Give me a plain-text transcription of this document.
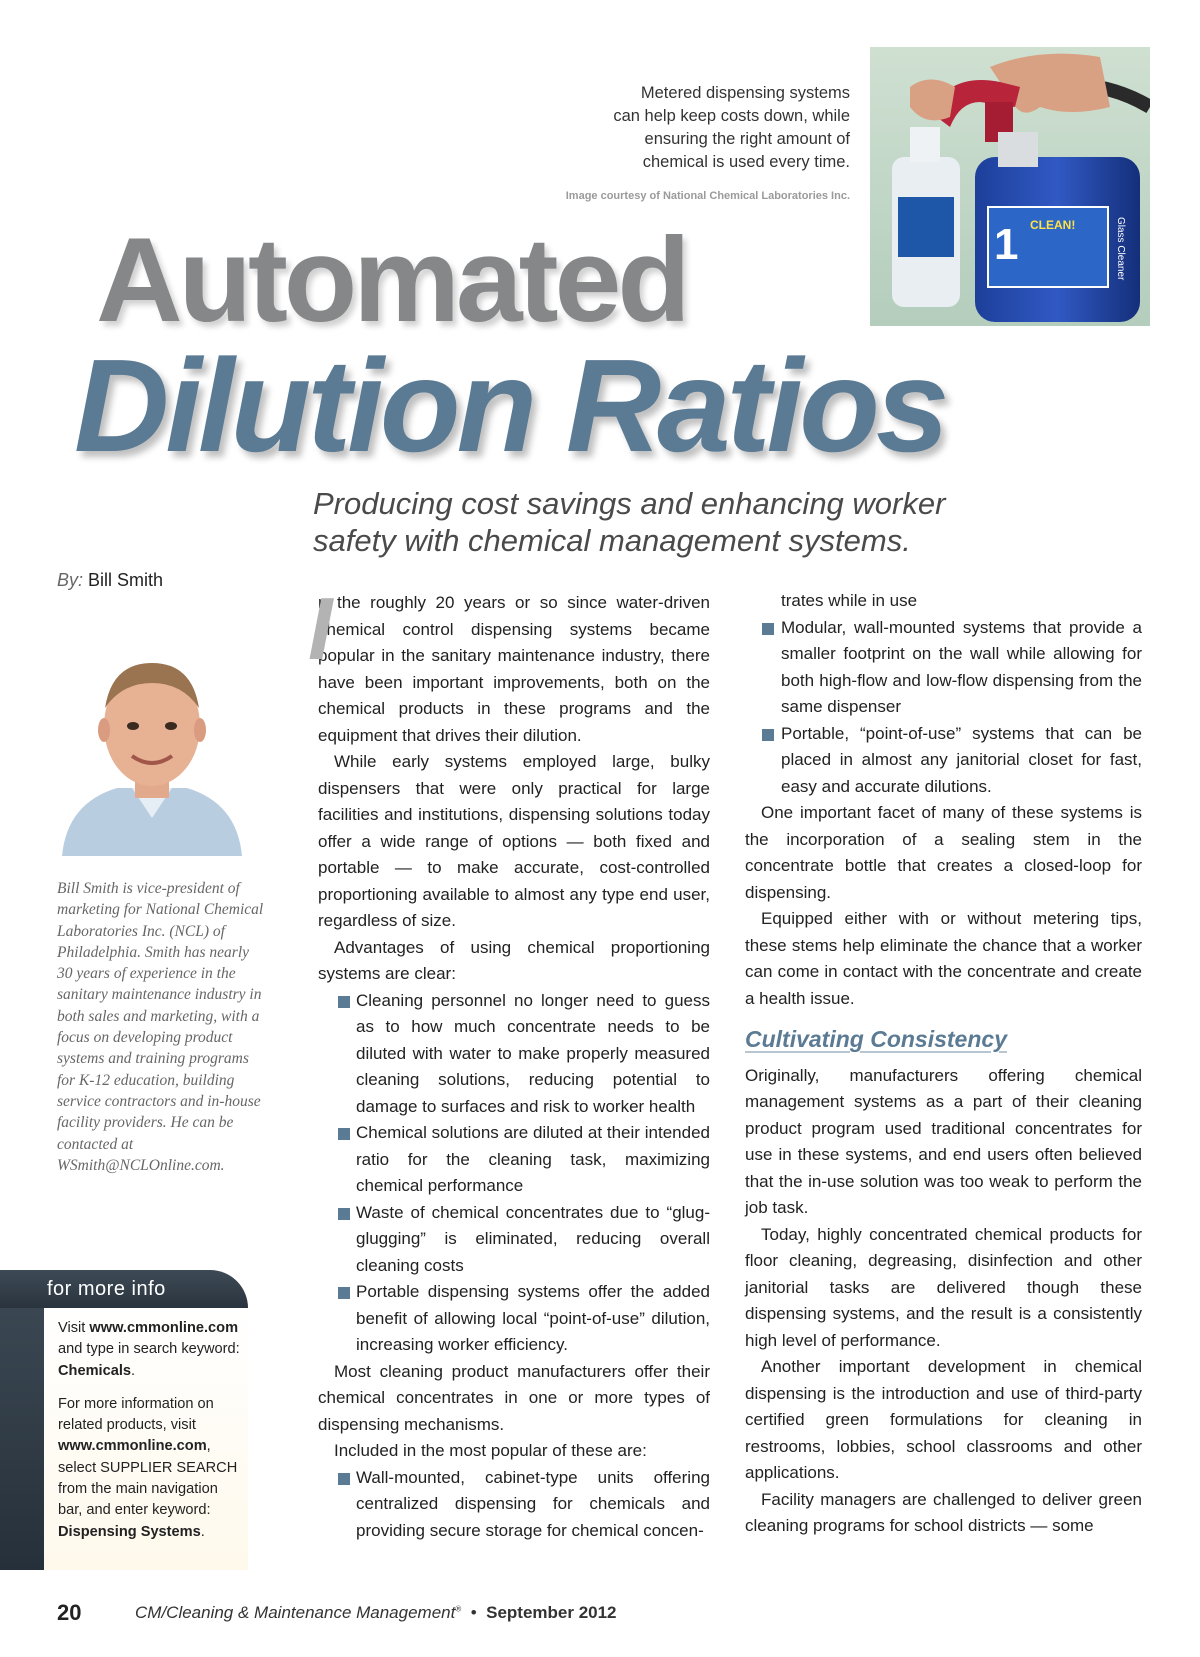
Metered dispensing systems
can help keep costs down, while
ensuring the right amount of
chemical is used every time.
Image courtesy of National Chemical Laboratories Inc.
1 CLEAN!	Glass Cleaner
Automated
Dilution Ratios
Producing cost savings and enhancing worker safety with chemical management systems.
By: Bill Smith
Bill Smith is vice-president of marketing for National Chemical Laboratories Inc. (NCL) of Philadelphia. Smith has nearly 30 years of experience in the sanitary maintenance industry in both sales and marketing, with a focus on developing product systems and training programs for K-12 education, building service contractors and in-house facility providers. He can be contacted at WSmith@NCLOnline.com.
for more info

Visit www.cmmonline.com and type in search keyword: Chemicals.

For more information on related products, visit www.cmmonline.com, select SUPPLIER SEARCH from the main navigation bar, and enter keyword: Dispensing Systems.

I
n the roughly 20 years or so since water-driven chemical control dispensing systems became popular in the sanitary maintenance industry, there have been important improvements, both on the chemical products in these programs and the equipment that drives their dilution.

While early systems employed large, bulky dispensers that were only practical for large facilities and institutions, dispensing solutions today offer a wide range of options — both fixed and portable — to make accurate, cost-controlled proportioning available to almost any type end user, regardless of size.

Advantages of using chemical proportioning systems are clear:

Cleaning personnel no longer need to guess as to how much concentrate needs to be diluted with water to make properly measured cleaning solutions, reducing potential to damage to surfaces and risk to worker health
Chemical solutions are diluted at their intended ratio for the cleaning task, maximizing chemical performance
Waste of chemical concentrates due to “glug-glugging” is eliminated, reducing overall cleaning costs
Portable dispensing systems offer the added benefit of allowing local “point-of-use” dilution, increasing worker efficiency.

Most cleaning product manufacturers offer their chemical concentrates in one or more types of dispensing mechanisms.

Included in the most popular of these are:

Wall-mounted, cabinet-type units offering centralized dispensing for chemicals and providing secure storage for chemical concen-
trates while in use
Modular, wall-mounted systems that provide a smaller footprint on the wall while allowing for both high-flow and low-flow dispensing from the same dispenser
Portable, “point-of-use” systems that can be placed in almost any janitorial closet for fast, easy and accurate dilutions.

One important facet of many of these systems is the incorporation of a sealing stem in the concentrate bottle that creates a closed-loop for dispensing.

Equipped either with or without metering tips, these stems help eliminate the chance that a worker can come in contact with the concentrate and create a health issue.

Cultivating Consistency

Originally, manufacturers offering chemical management systems as a part of their cleaning product program used traditional concentrates for use in these systems, and end users often believed that the in-use solution was too weak to perform the job task.

Today, highly concentrated chemical products for floor cleaning, degreasing, disinfection and other janitorial tasks are delivered though these dispensing systems, and the result is a consistently high level of performance.

Another important development in chemical dispensing is the introduction and use of third-party certified green formulations for cleaning in restrooms, lobbies, school classrooms and other applications.

Facility managers are challenged to deliver green cleaning programs for school districts — some

20	CM/Cleaning & Maintenance Management® • September 2012
